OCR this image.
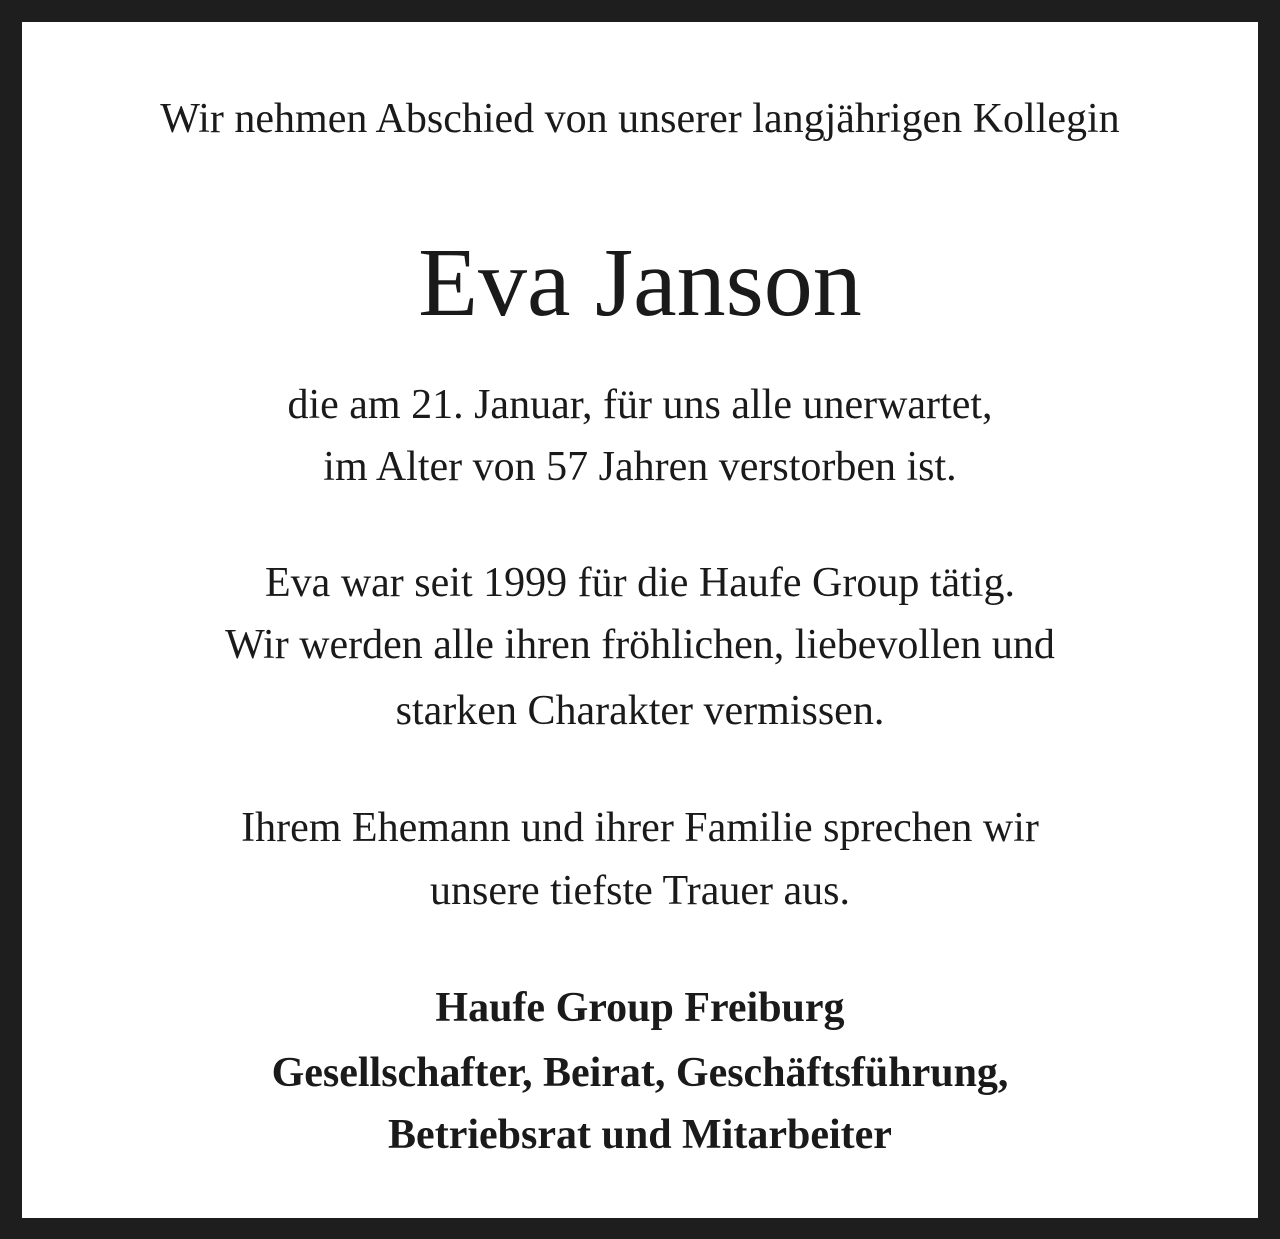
Wir nehmen Abschied von unserer langjährigen Kollegin
Eva Janson
die am 21. Januar, für uns alle unerwartet,
im Alter von 57 Jahren verstorben ist.
Eva war seit 1999 für die Haufe Group tätig.
Wir werden alle ihren fröhlichen, liebevollen und
starken Charakter vermissen.
Ihrem Ehemann und ihrer Familie sprechen wir
unsere tiefste Trauer aus.
Haufe Group Freiburg
Gesellschafter, Beirat, Geschäftsführung,
Betriebsrat und Mitarbeiter
